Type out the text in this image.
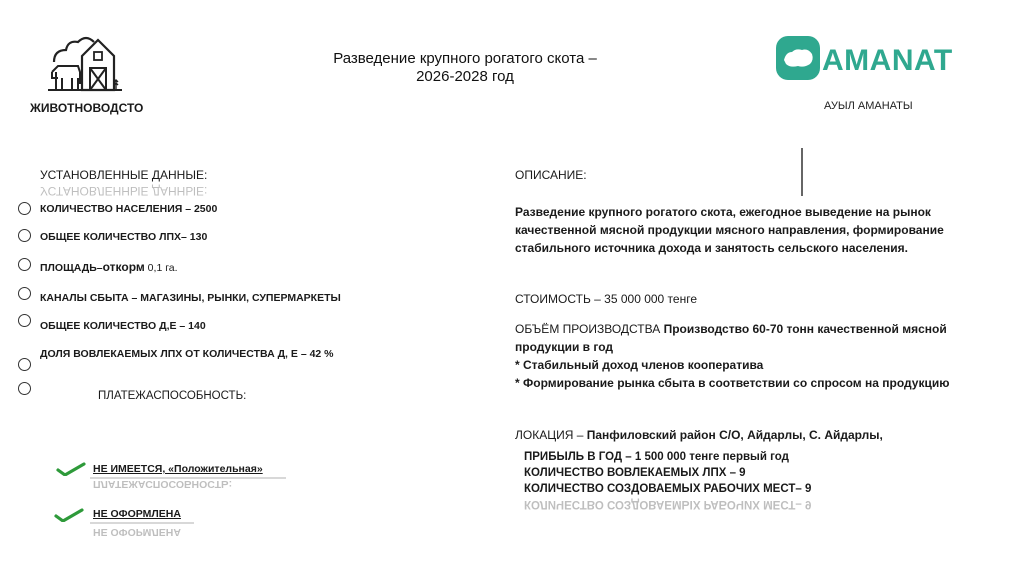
Разведение крупного рогатого скота –
2026-2028 год
ЖИВОТНОВОДСТО
AMANAT
АУЫЛ АМАНАТЫ
УСТАНОВЛЕННЫЕ ДАННЫЕ:
УСТАНОВЛЕННЫЕ ДАННЫЕ:
КОЛИЧЕСТВО НАСЕЛЕНИЯ – 2500
ОБЩЕЕ КОЛИЧЕСТВО ЛПХ– 130
ПЛОЩАДЬ–откорм 0,1 га.
КАНАЛЫ СБЫТА – МАГАЗИНЫ, РЫНКИ, СУПЕРМАРКЕТЫ
ОБЩЕЕ КОЛИЧЕСТВО Д,Е – 140
ДОЛЯ ВОВЛЕКАЕМЫХ ЛПХ ОТ КОЛИЧЕСТВА Д, Е – 42 %
ПЛАТЕЖАСПОСОБНОСТЬ:
НЕ ИМЕЕТСЯ, «Положительная»
ПЛАТЕЖАСПОСОБНОСТЬ:
НЕ ОФОРМЛЕНА
НЕ ОФОРМЛЕНА
ОПИСАНИЕ:
Разведение крупного рогатого скота, ежегодное выведение на рынок качественной мясной продукции мясного направления, формирование стабильного источника дохода и занятость сельского населения.
СТОИМОСТЬ – 35 000 000 тенге
ОБЪЁМ ПРОИЗВОДСТВА Производство 60-70 тонн качественной мясной продукции в год
* Стабильный доход членов кооператива
* Формирование рынка сбыта в соответствии со спросом на продукцию
ЛОКАЦИЯ – Панфиловский район С/О, Айдарлы, С. Айдарлы,
ПРИБЫЛЬ В ГОД – 1 500 000 тенге первый год
КОЛИЧЕСТВО ВОВЛЕКАЕМЫХ ЛПХ – 9
КОЛИЧЕСТВО СОЗДОВАЕМЫХ РАБОЧИХ МЕСТ– 9
КОЛИЧЕСТВО СОЗДОВАЕМЫХ РАБОЧИХ МЕСТ– 9
